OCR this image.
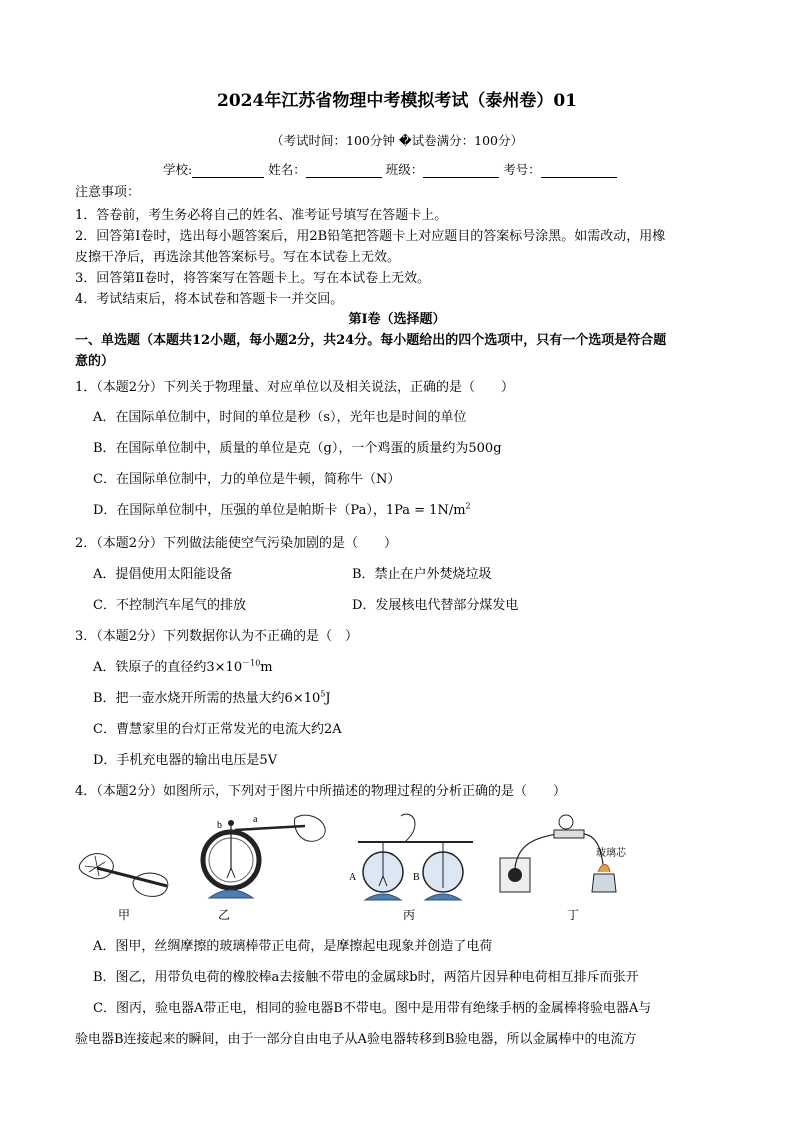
2024年江苏省物理中考模拟考试（泰州卷）01
（考试时间：100分钟 �试卷满分：100分）
学校:	姓名：	班级：	考号：
注意事项：
1．答卷前，考生务必将自己的姓名、准考证号填写在答题卡上。
2．回答第Ⅰ卷时，选出每小题答案后，用2B铅笔把答题卡上对应题目的答案标号涂黑。如需改动，用橡
皮擦干净后，再选涂其他答案标号。写在本试卷上无效。
3．回答第Ⅱ卷时，将答案写在答题卡上。写在本试卷上无效。
4．考试结束后，将本试卷和答题卡一并交回。
第Ⅰ卷（选择题）
一、单选题（本题共12小题，每小题2分，共24分。每小题给出的四个选项中，只有一个选项是符合题
意的）
1．（本题2分）下列关于物理量、对应单位以及相关说法，正确的是（　　）
A．在国际单位制中，时间的单位是秒（s），光年也是时间的单位
B．在国际单位制中，质量的单位是克（g），一个鸡蛋的质量约为500g
C．在国际单位制中，力的单位是牛顿，简称牛（N）
D．在国际单位制中，压强的单位是帕斯卡（Pa），$1Pa = 1N/m^2$
2．（本题2分）下列做法能使空气污染加剧的是（　　）
A．提倡使用太阳能设备	B．禁止在户外焚烧垃圾
C．不控制汽车尾气的排放	D．发展核电代替部分煤发电
3．（本题2分）下列数据你认为不正确的是（　）
A．铁原子的直径约$3\times 10^{-10}m$
B．把一壶水烧开所需的热量大约$6\times 10^5J$
C．曹慧家里的台灯正常发光的电流大约2A
D．手机充电器的输出电压是5V
4．（本题2分）如图所示，下列对于图片中所描述的物理过程的分析正确的是（　　）
甲
b
a
乙
A	B
丙
玻璃芯
丁
A．图甲，丝绸摩擦的玻璃棒带正电荷，是摩擦起电现象并创造了电荷
B．图乙，用带负电荷的橡胶棒a去接触不带电的金属球b时，两箔片因异种电荷相互排斥而张开
C．图丙，验电器A带正电，相同的验电器B不带电。图中是用带有绝缘手柄的金属棒将验电器A与
验电器B连接起来的瞬间，由于一部分自由电子从A验电器转移到B验电器，所以金属棒中的电流方
